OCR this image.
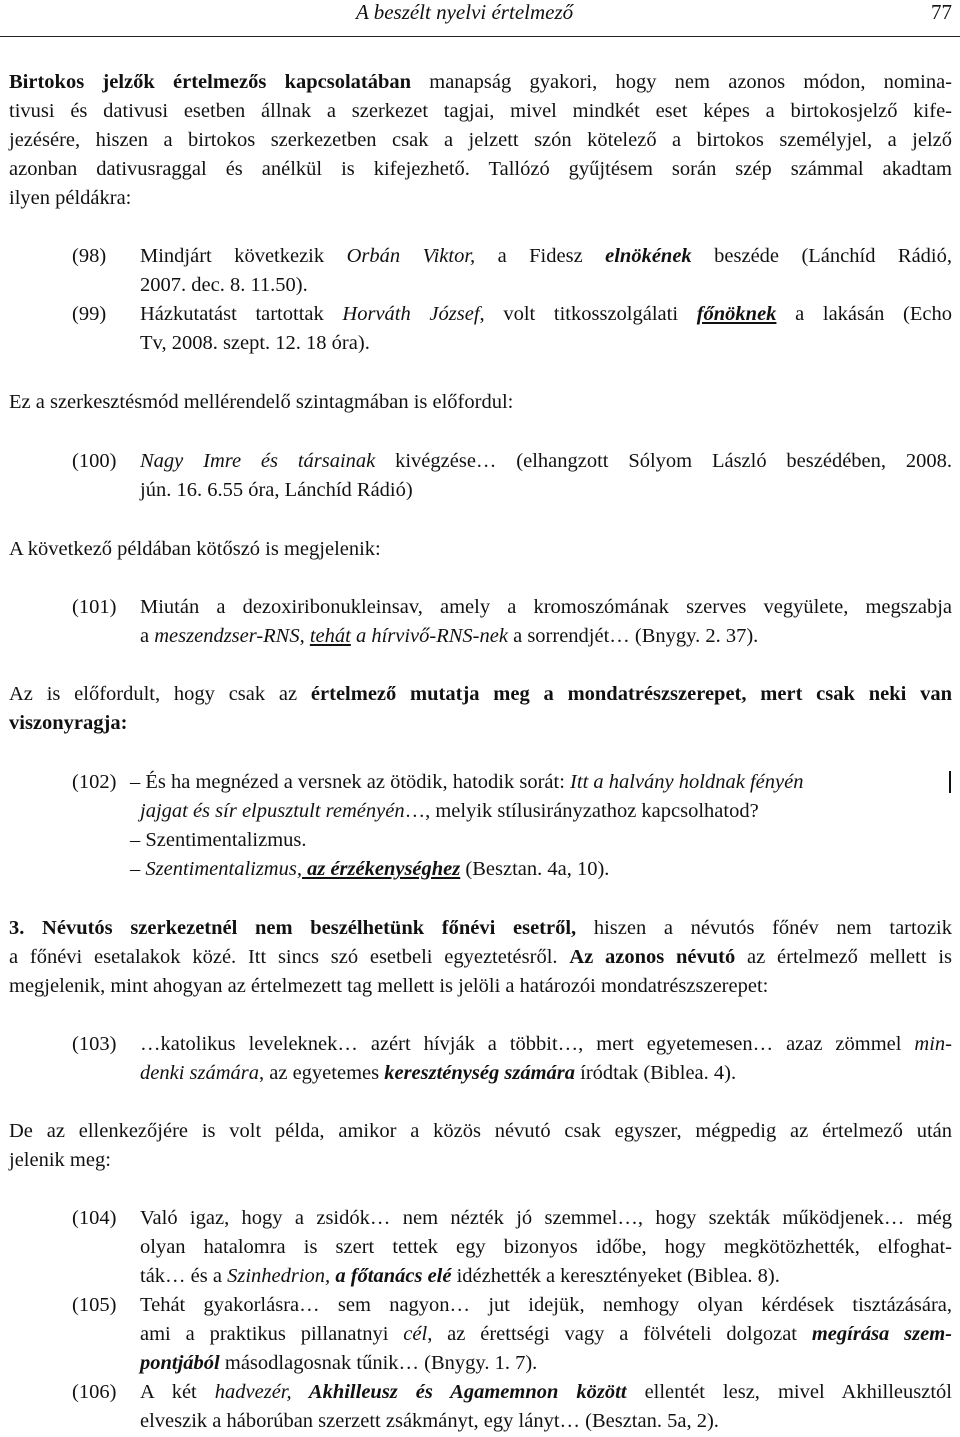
A beszélt nyelvi értelmező	77
Birtokos jelzők értelmezős kapcsolatában manapság gyakori, hogy nem azonos módon, nomina-
tivusi és dativusi esetben állnak a szerkezet tagjai, mivel mindkét eset képes a birtokosjelző kife-
jezésére, hiszen a birtokos szerkezetben csak a jelzett szón kötelező a birtokos személyjel, a jelző
azonban dativusraggal és anélkül is kifejezhető. Tallózó gyűjtésem során szép számmal akadtam
ilyen példákra:
(98) Mindjárt következik Orbán Viktor, a Fidesz elnökének beszéde (Lánchíd Rádió,
2007. dec. 8. 11.50).
(99) Házkutatást tartottak Horváth József, volt titkosszolgálati főnöknek a lakásán (Echo
Tv, 2008. szept. 12. 18 óra).
Ez a szerkesztésmód mellérendelő szintagmában is előfordul:
(100) Nagy Imre és társainak kivégzése… (elhangzott Sólyom László beszédében, 2008.
jún. 16. 6.55 óra, Lánchíd Rádió)
A következő példában kötőszó is megjelenik:
(101) Miután a dezoxiribonukleinsav, amely a kromoszómának szerves vegyülete, megszabja
a meszendzser-RNS, tehát a hírvivő-RNS-nek a sorrendjét… (Bnygy. 2. 37).
Az is előfordult, hogy csak az értelmező mutatja meg a mondatrészszerepet, mert csak neki van
viszonyragja:
(102) – És ha megnézed a versnek az ötödik, hatodik sorát: Itt a halvány holdnak fényén
jajgat és sír elpusztult reményén…, melyik stílusirányzathoz kapcsolhatod?
– Szentimentalizmus.
– Szentimentalizmus, az érzékenységhez (Besztan. 4a, 10).
3. Névutós szerkezetnél nem beszélhetünk főnévi esetről, hiszen a névutós főnév nem tartozik
a főnévi esetalakok közé. Itt sincs szó esetbeli egyeztetésről. Az azonos névutó az értelmező mellett is
megjelenik, mint ahogyan az értelmezett tag mellett is jelöli a határozói mondatrészszerepet:
(103) …katolikus leveleknek… azért hívják a többit…, mert egyetemesen… azaz zömmel min-
denki számára, az egyetemes kereszténység számára íródtak (Biblea. 4).
De az ellenkezőjére is volt példa, amikor a közös névutó csak egyszer, mégpedig az értelmező után
jelenik meg:
(104) Való igaz, hogy a zsidók… nem nézték jó szemmel…, hogy szekták működjenek… még
olyan hatalomra is szert tettek egy bizonyos időbe, hogy megkötözhették, elfoghat-
ták… és a Szinhedrion, a főtanács elé idézhették a keresztényeket (Biblea. 8).
(105) Tehát gyakorlásra… sem nagyon… jut idejük, nemhogy olyan kérdések tisztázására,
ami a praktikus pillanatnyi cél, az érettségi vagy a fölvételi dolgozat megírása szem-
pontjából másodlagosnak tűnik… (Bnygy. 1. 7).
(106) A két hadvezér, Akhilleusz és Agamemnon között ellentét lesz, mivel Akhilleusztól
elveszik a háborúban szerzett zsákmányt, egy lányt… (Besztan. 5a, 2).
